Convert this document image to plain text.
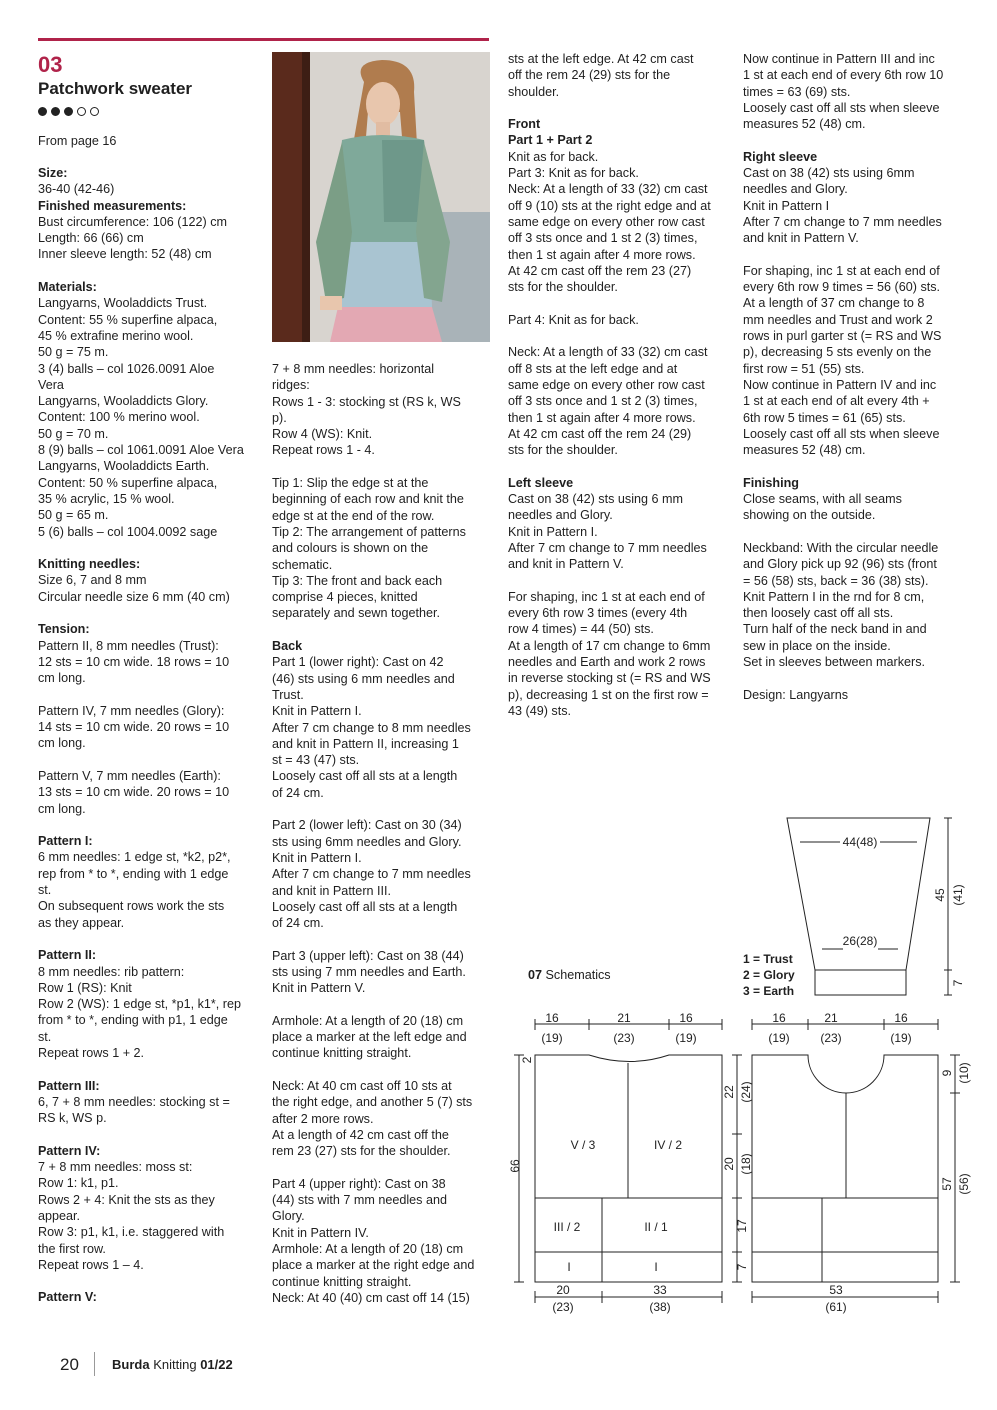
03
Patchwork sweater
From page 16

Size:

36-40 (42-46)

Finished measurements:

Bust circumference: 106 (122) cm

Length: 66 (66) cm

Inner sleeve length: 52 (48) cm

Materials:

Langyarns, Wooladdicts Trust.

Content: 55 % superfine alpaca,

45 % extrafine merino wool.

50 g = 75 m.

3 (4) balls – col 1026.0091 Aloe

Vera

Langyarns, Wooladdicts Glory.

Content: 100 % merino wool.

50 g = 70 m.

8 (9) balls – col 1061.0091 Aloe Vera

Langyarns, Wooladdicts Earth.

Content: 50 % superfine alpaca,

35 % acrylic, 15 % wool.

50 g = 65 m.

5 (6) balls – col 1004.0092 sage

Knitting needles:

Size 6, 7 and 8 mm

Circular needle size 6 mm (40 cm)

Tension:

Pattern II, 8 mm needles (Trust):

12 sts = 10 cm wide. 18 rows = 10

cm long.

Pattern IV, 7 mm needles (Glory):

14 sts = 10 cm wide. 20 rows = 10

cm long.

Pattern V, 7 mm needles (Earth):

13 sts = 10 cm wide. 20 rows = 10

cm long.

Pattern I:

6 mm needles: 1 edge st, *k2, p2*,

rep from * to *, ending with 1 edge

st.

On subsequent rows work the sts

as they appear.

Pattern II:

8 mm needles: rib pattern:

Row 1 (RS): Knit

Row 2 (WS): 1 edge st, *p1, k1*, rep

from * to *, ending with p1, 1 edge

st.

Repeat rows 1 + 2.

Pattern III:

6, 7 + 8 mm needles: stocking st =

RS k, WS p.

Pattern IV:

7 + 8 mm needles: moss st:

Row 1: k1, p1.

Rows 2 + 4: Knit the sts as they

appear.

Row 3: p1, k1, i.e. staggered with

the first row.

Repeat rows 1 – 4.

Pattern V:

7 + 8 mm needles: horizontal

ridges:

Rows 1 - 3: stocking st (RS k, WS

p).

Row 4 (WS): Knit.

Repeat rows 1 - 4.

Tip 1: Slip the edge st at the

beginning of each row and knit the

edge st at the end of the row.

Tip 2: The arrangement of patterns

and colours is shown on the

schematic.

Tip 3: The front and back each

comprise 4 pieces, knitted

separately and sewn together.

Back

Part 1 (lower right): Cast on 42

(46) sts using 6 mm needles and

Trust.

Knit in Pattern I.

After 7 cm change to 8 mm needles

and knit in Pattern II, increasing 1

st = 43 (47) sts.

Loosely cast off all sts at a length

of 24 cm.

Part 2 (lower left): Cast on 30 (34)

sts using 6mm needles and Glory.

Knit in Pattern I.

After 7 cm change to 7 mm needles

and knit in Pattern III.

Loosely cast off all sts at a length

of 24 cm.

Part 3 (upper left): Cast on 38 (44)

sts using 7 mm needles and Earth.

Knit in Pattern V.

Armhole: At a length of 20 (18) cm

place a marker at the left edge and

continue knitting straight.

Neck: At 40 cm cast off 10 sts at

the right edge, and another 5 (7) sts

after 2 more rows.

At a length of 42 cm cast off the

rem 23 (27) sts for the shoulder.

Part 4 (upper right): Cast on 38

(44) sts with 7 mm needles and

Glory.

Knit in Pattern IV.

Armhole: At a length of 20 (18) cm

place a marker at the right edge and

continue knitting straight.

Neck: At 40 (40) cm cast off 14 (15)

sts at the left edge. At 42 cm cast

off the rem 24 (29) sts for the

shoulder.

Front

Part 1 + Part 2

Knit as for back.

Part 3: Knit as for back.

Neck: At a length of 33 (32) cm cast

off 9 (10) sts at the right edge and at

same edge on every other row cast

off 3 sts once and 1 st 2 (3) times,

then 1 st again after 4 more rows.

At 42 cm cast off the rem 23 (27)

sts for the shoulder.

Part 4: Knit as for back.

Neck: At a length of 33 (32) cm cast

off 8 sts at the left edge and at

same edge on every other row cast

off 3 sts once and 1 st 2 (3) times,

then 1 st again after 4 more rows.

At 42 cm cast off the rem 24 (29)

sts for the shoulder.

Left sleeve

Cast on 38 (42) sts using 6 mm

needles and Glory.

Knit in Pattern I.

After 7 cm change to 7 mm needles

and knit in Pattern V.

For shaping, inc 1 st at each end of

every 6th row 3 times (every 4th

row 4 times) = 44 (50) sts.

At a length of 17 cm change to 6mm

needles and Earth and work 2 rows

in reverse stocking st (= RS and WS

p), decreasing 1 st on the first row =

43 (49) sts.

Now continue in Pattern III and inc

1 st at each end of every 6th row 10

times = 63 (69) sts.

Loosely cast off all sts when sleeve

measures 52 (48) cm.

Right sleeve

Cast on 38 (42) sts using 6mm

needles and Glory.

Knit in Pattern I

After 7 cm change to 7 mm needles

and knit in Pattern V.

For shaping, inc 1 st at each end of

every 6th row 9 times = 56 (60) sts.

At a length of 37 cm change to 8

mm needles and Trust and work 2

rows in purl garter st (= RS and WS

p), decreasing 5 sts evenly on the

first row = 51 (55) sts.

Now continue in Pattern IV and inc

1 st at each end of alt every 4th +

6th row 5 times = 61 (65) sts.

Loosely cast off all sts when sleeve

measures 52 (48) cm.

Finishing

Close seams, with all seams

showing on the outside.

Neckband: With the circular needle

and Glory pick up 92 (96) sts (front

= 56 (58) sts, back = 36 (38) sts).

Knit Pattern I in the rnd for 8 cm,

then loosely cast off all sts.

Turn half of the neck band in and

sew in place on the inside.

Set in sleeves between markers.

Design: Langyarns

07 Schematics
1 = Trust
2 = Glory
3 = Earth
44(48)
26(28)
45 (41)
7
16
(19)
21
(23)
16
(19)
2
66
22 (24)
20 (18)
17
7
V / 3	IV / 2
III / 2	II / 1
I	I
20
(23)
33
(38)
16
(19)
21
(23)
16
(19)
9 (10)
57 (56)
53
(61)
20	Burda Knitting 01/22
